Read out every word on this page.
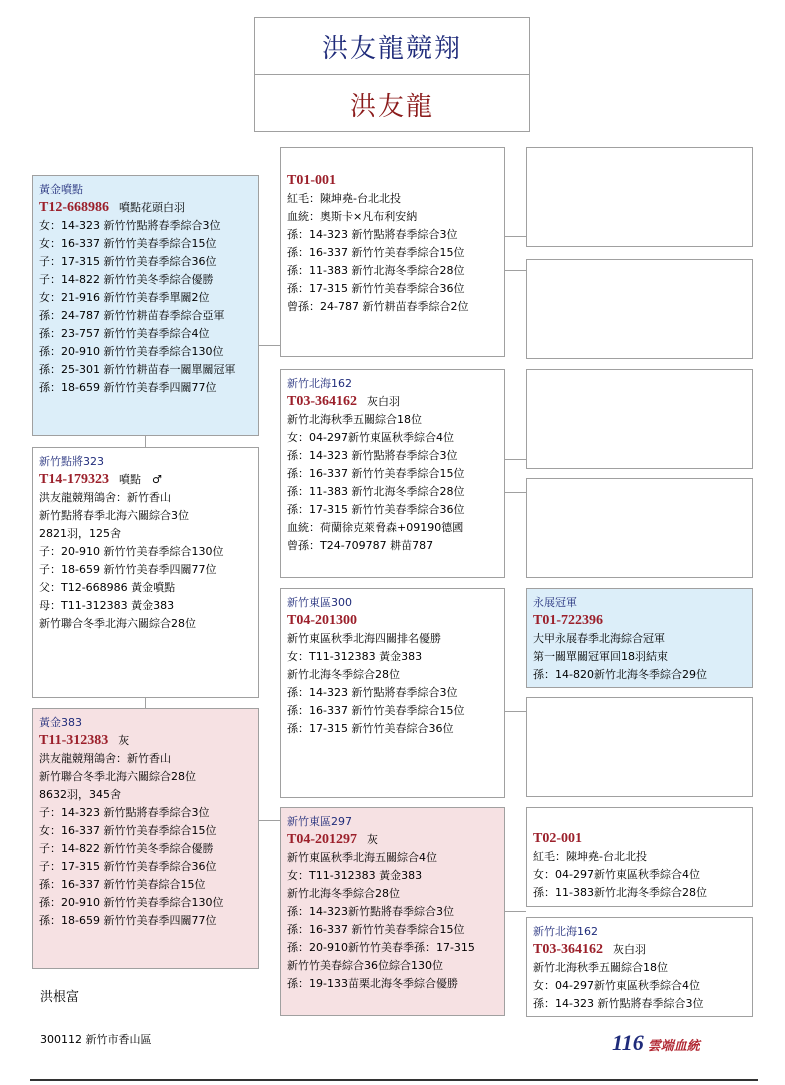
洪友龍競翔
洪友龍
黃金噴點
T12-668986 噴點花頭白羽
女：14-323 新竹竹點將春季綜合3位
女：16-337 新竹竹美春季綜合15位
子：17-315 新竹竹美春季綜合36位
子：14-822 新竹竹美冬季綜合優勝
女：21-916 新竹竹美春季單關2位
孫：24-787 新竹竹耕苗春季綜合亞軍
孫：23-757 新竹竹美春季綜合4位
孫：20-910 新竹竹美春季綜合130位
孫：25-301 新竹竹耕苗春一關單關冠軍
孫：18-659 新竹竹美春季四關77位
新竹點將323
T14-179323 噴點　♂
洪友龍競翔鴿舍：新竹香山
新竹點將春季北海六關綜合3位
2821羽，125舍
子：20-910 新竹竹美春季綜合130位
子：18-659 新竹竹美春季四關77位
父：T12-668986 黃金噴點
母：T11-312383 黃金383
新竹聯合冬季北海六關綜合28位
黃金383
T11-312383 灰
洪友龍競翔鴿舍：新竹香山
新竹聯合冬季北海六關綜合28位
8632羽，345舍
子：14-323 新竹點將春季綜合3位
女：16-337 新竹竹美春季綜合15位
子：14-822 新竹竹美冬季綜合優勝
子：17-315 新竹竹美春季綜合36位
孫：16-337 新竹竹美春綜合15位
孫：20-910 新竹竹美春季綜合130位
孫：18-659 新竹竹美春季四關77位
T01-001
紅毛：陳坤堯-台北北投
血統：奧斯卡×凡布利安納
孫：14-323 新竹點將春季綜合3位
孫：16-337 新竹竹美春季綜合15位
孫：11-383 新竹北海冬季綜合28位
孫：17-315 新竹竹美春季綜合36位
曾孫：24-787 新竹耕苗春季綜合2位
新竹北海162
T03-364162 灰白羽
新竹北海秋季五關綜合18位
女：04-297新竹東區秋季綜合4位
孫：14-323 新竹點將春季綜合3位
孫：16-337 新竹竹美春季綜合15位
孫：11-383 新竹北海冬季綜合28位
孫：17-315 新竹竹美春季綜合36位
血統：荷蘭徐克萊脅森+09190德國
曾孫：T24-709787 耕苗787
新竹東區300
T04-201300
新竹東區秋季北海四關排名優勝
女：T11-312383 黃金383
新竹北海冬季綜合28位
孫：14-323 新竹點將春季綜合3位
孫：16-337 新竹竹美春季綜合15位
孫：17-315 新竹竹美春綜合36位
新竹東區297
T04-201297 灰
新竹東區秋季北海五關綜合4位
女：T11-312383 黃金383
新竹北海冬季綜合28位
孫：14-323新竹點將春季綜合3位
孫：16-337 新竹竹美春季綜合15位
孫：20-910新竹竹美春季孫：17-315
新竹竹美春綜合36位綜合130位
孫：19-133苗栗北海冬季綜合優勝
永展冠軍
T01-722396
大甲永展春季北海綜合冠軍
第一關單關冠軍回18羽結束
孫：14-820新竹北海冬季綜合29位
T02-001
紅毛：陳坤堯-台北北投
女：04-297新竹東區秋季綜合4位
孫：11-383新竹北海冬季綜合28位
新竹北海162
T03-364162 灰白羽
新竹北海秋季五關綜合18位
女：04-297新竹東區秋季綜合4位
孫：14-323 新竹點將春季綜合3位
洪根富
300112 新竹市香山區	116 雲端血統
